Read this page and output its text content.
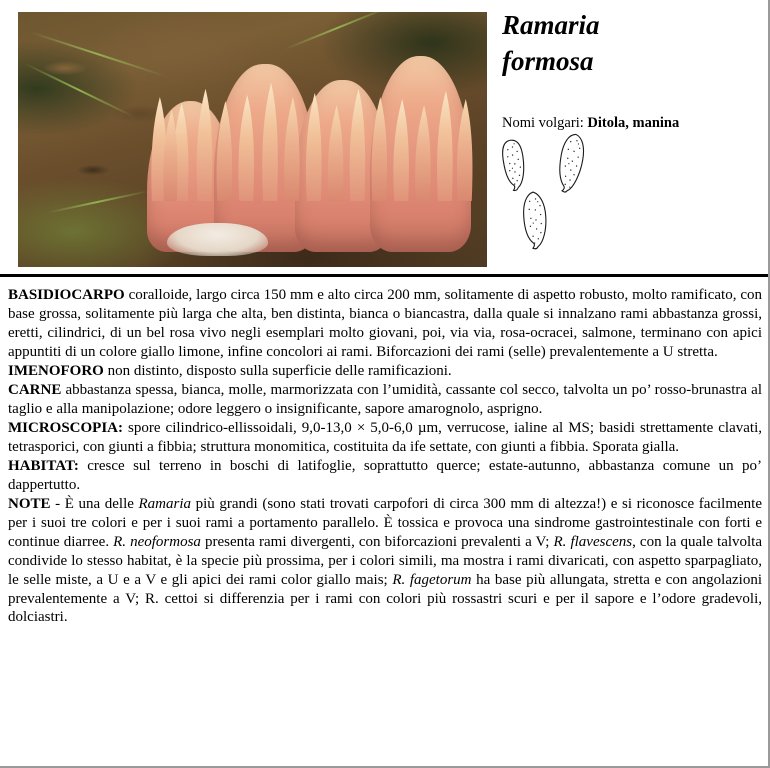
Ramaria
formosa
Nomi volgari: Ditola, manina

BASIDIOCARPO coralloide, largo circa 150 mm e alto circa 200 mm, solitamente di aspetto robusto, molto ramificato, con base grossa, solitamente più larga che alta, ben distinta, bianca o biancastra, dalla quale si innalzano rami abbastanza grossi, eretti, cilindrici, di un bel rosa vivo negli esemplari molto giovani, poi, via via, rosa-ocracei, salmone, terminano con apici appuntiti di un colore giallo limone, infine concolori ai rami. Biforcazioni dei rami (selle) prevalentemente a U stretta.

IMENOFORO non distinto, disposto sulla superficie delle ramificazioni.

CARNE abbastanza spessa, bianca, molle, marmorizzata con l’umidità, cassante col secco, talvolta un po’ rosso-brunastra al taglio e alla manipolazione; odore leggero o insignificante, sapore amarognolo, asprigno.

MICROSCOPIA: spore cilindrico-ellissoidali, 9,0-13,0 × 5,0-6,0 µm, verrucose, ialine al MS; basidi strettamente clavati, tetrasporici, con giunti a fibbia; struttura monomitica, costituita da ife settate, con giunti a fibbia. Sporata gialla.

HABITAT: cresce sul terreno in boschi di latifoglie, soprattutto querce; estate-autunno, abbastanza comune un po’ dappertutto.

NOTE - È una delle Ramaria più grandi (sono stati trovati carpofori di circa 300 mm di altezza!) e si riconosce facilmente per i suoi tre colori e per i suoi rami a portamento parallelo. È tossica e provoca una sindrome gastrointestinale con forti e continue diarree. R. neoformosa presenta rami divergenti, con biforcazioni prevalenti a V; R. flavescens, con la quale talvolta condivide lo stesso habitat, è la specie più prossima, per i colori simili, ma mostra i rami divaricati, con aspetto sparpagliato, le selle miste, a U e a V e gli apici dei rami color giallo mais; R. fagetorum ha base più allungata, stretta e con angolazioni prevalentemente a V; R. cettoi si differenzia per i rami con colori più rossastri scuri e per il sapore e l’odore gradevoli, dolciastri.
